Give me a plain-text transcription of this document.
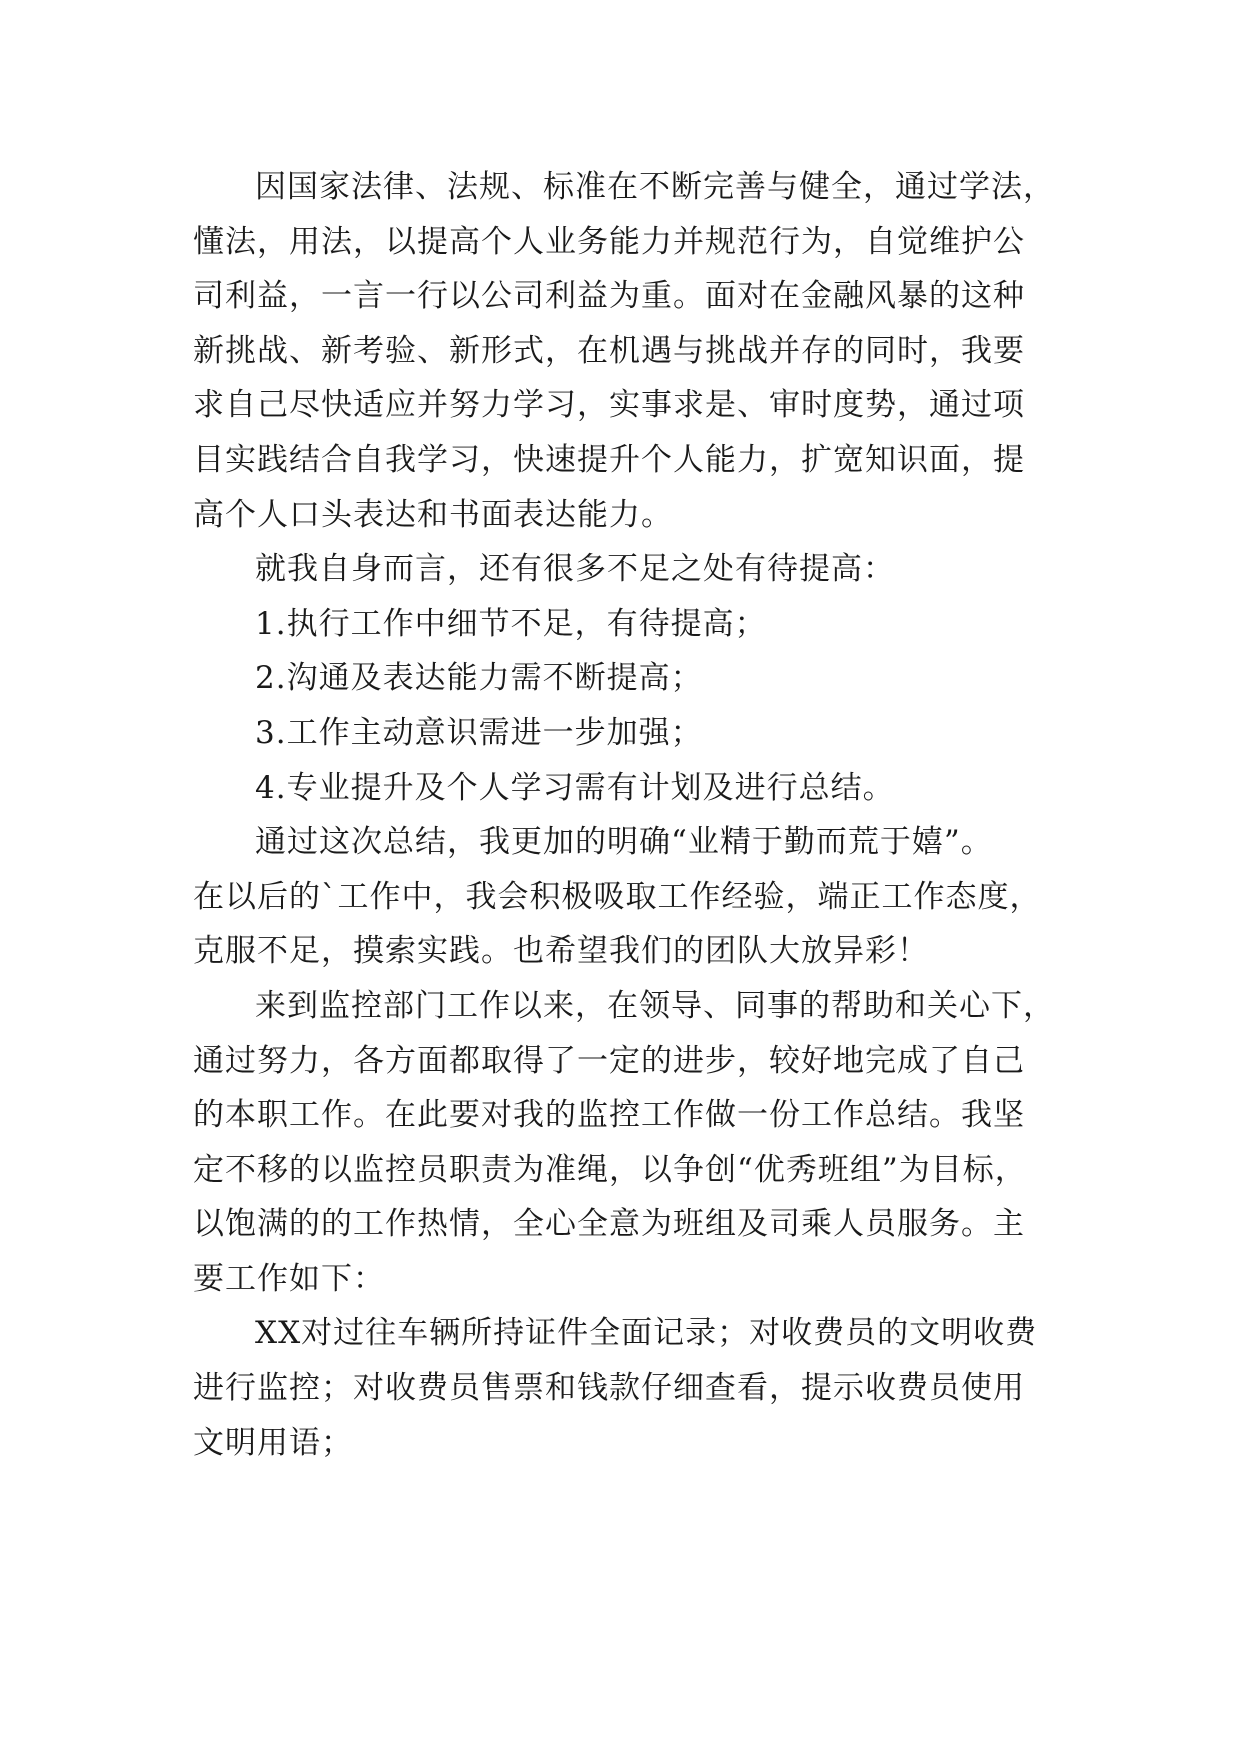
因国家法律、法规、标准在不断完善与健全，通过学法，
懂法，用法，以提高个人业务能力并规范行为，自觉维护公
司利益，一言一行以公司利益为重。面对在金融风暴的这种
新挑战、新考验、新形式，在机遇与挑战并存的同时，我要
求自己尽快适应并努力学习，实事求是、审时度势，通过项
目实践结合自我学习，快速提升个人能力，扩宽知识面，提
高个人口头表达和书面表达能力。
就我自身而言，还有很多不足之处有待提高：
1.执行工作中细节不足，有待提高；
2.沟通及表达能力需不断提高；
3.工作主动意识需进一步加强；
4.专业提升及个人学习需有计划及进行总结。
通过这次总结，我更加的明确“业精于勤而荒于嬉”。
在以后的`工作中，我会积极吸取工作经验，端正工作态度，
克服不足，摸索实践。也希望我们的团队大放异彩！
来到监控部门工作以来，在领导、同事的帮助和关心下，
通过努力，各方面都取得了一定的进步，较好地完成了自己
的本职工作。在此要对我的监控工作做一份工作总结。我坚
定不移的以监控员职责为准绳，以争创“优秀班组”为目标，
以饱满的的工作热情，全心全意为班组及司乘人员服务。主
要工作如下：
XX对过往车辆所持证件全面记录；对收费员的文明收费
进行监控；对收费员售票和钱款仔细查看，提示收费员使用
文明用语；
